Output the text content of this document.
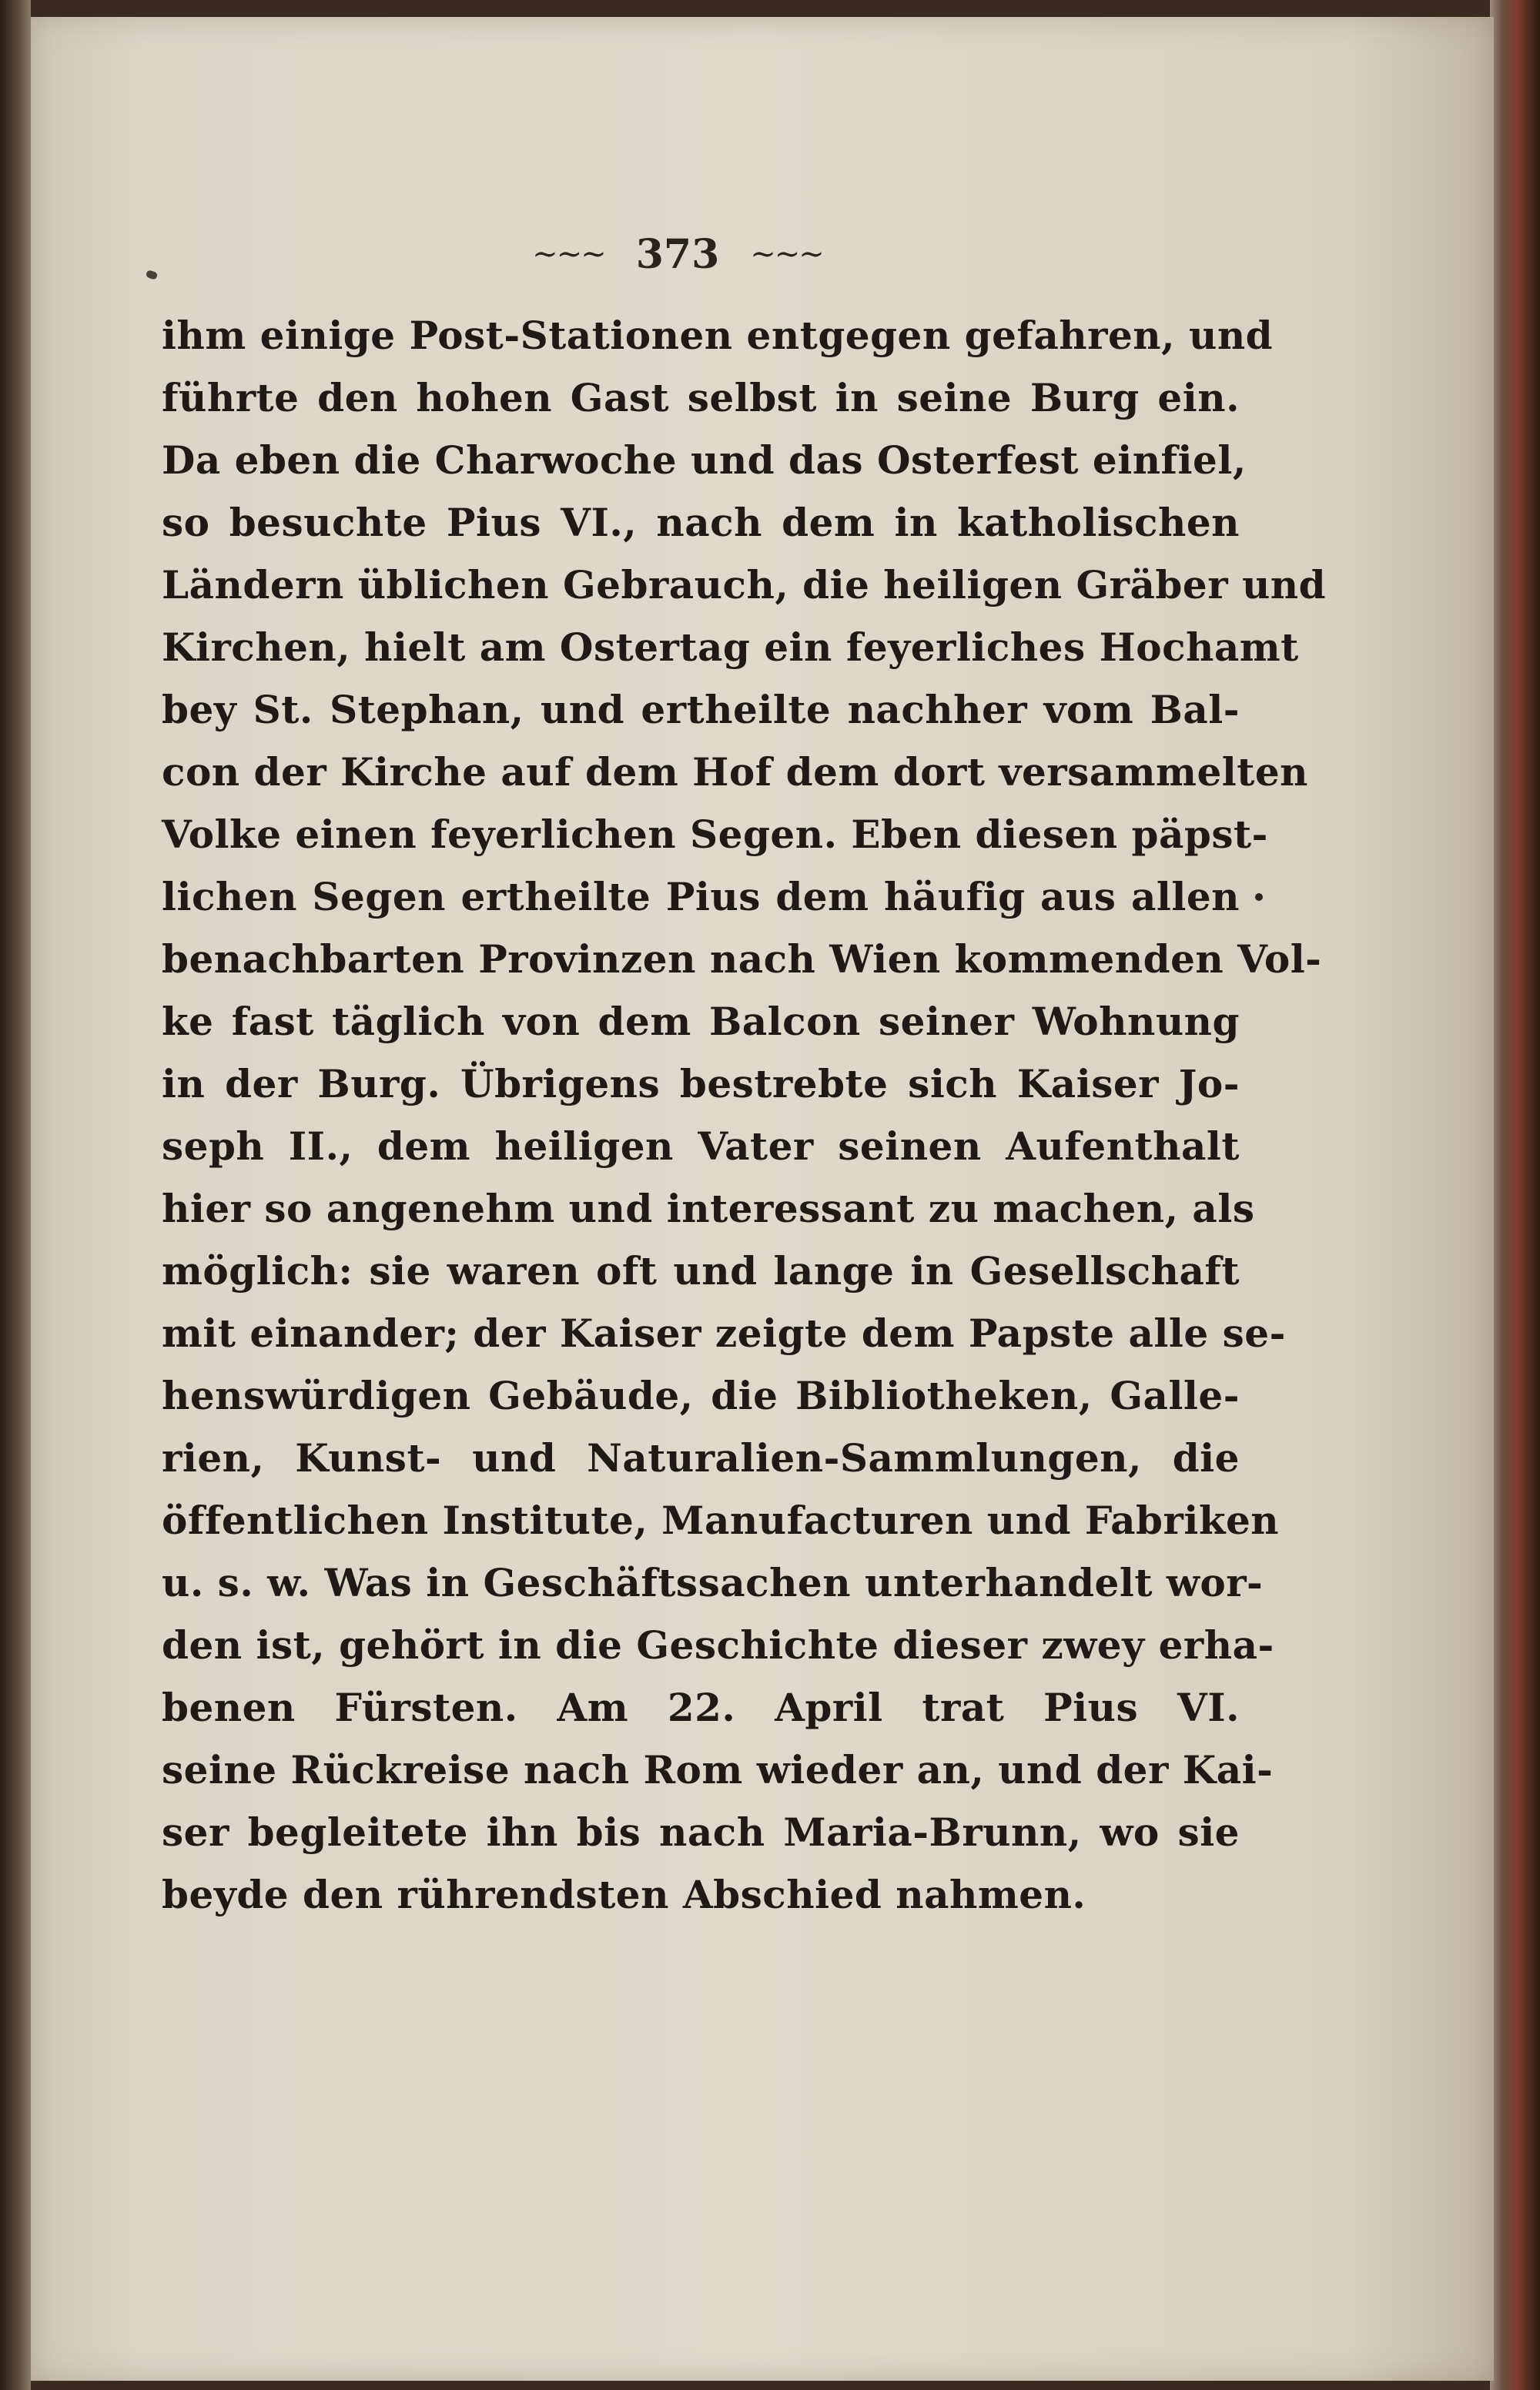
∼∼∼ 373 ∼∼∼
ihm einige Post-Stationen entgegen gefahren, und
führte den hohen Gast selbst in seine Burg ein.
Da eben die Charwoche und das Osterfest einfiel,
so besuchte Pius VI., nach dem in katholischen
Ländern üblichen Gebrauch, die heiligen Gräber und
Kirchen, hielt am Ostertag ein feyerliches Hochamt
bey St. Stephan, und ertheilte nachher vom Bal-
con der Kirche auf dem Hof dem dort versammelten
Volke einen feyerlichen Segen. Eben diesen päpst-
lichen Segen ertheilte Pius dem häufig aus allen
benachbarten Provinzen nach Wien kommenden Vol-
ke fast täglich von dem Balcon seiner Wohnung
in der Burg. Übrigens bestrebte sich Kaiser Jo-
seph II., dem heiligen Vater seinen Aufenthalt
hier so angenehm und interessant zu machen, als
möglich: sie waren oft und lange in Gesellschaft
mit einander; der Kaiser zeigte dem Papste alle se-
henswürdigen Gebäude, die Bibliotheken, Galle-
rien, Kunst- und Naturalien-Sammlungen, die
öffentlichen Institute, Manufacturen und Fabriken
u. s. w. Was in Geschäftssachen unterhandelt wor-
den ist, gehört in die Geschichte dieser zwey erha-
benen Fürsten. Am 22. April trat Pius VI.
seine Rückreise nach Rom wieder an, und der Kai-
ser begleitete ihn bis nach Maria-Brunn, wo sie
beyde den rührendsten Abschied nahmen.
